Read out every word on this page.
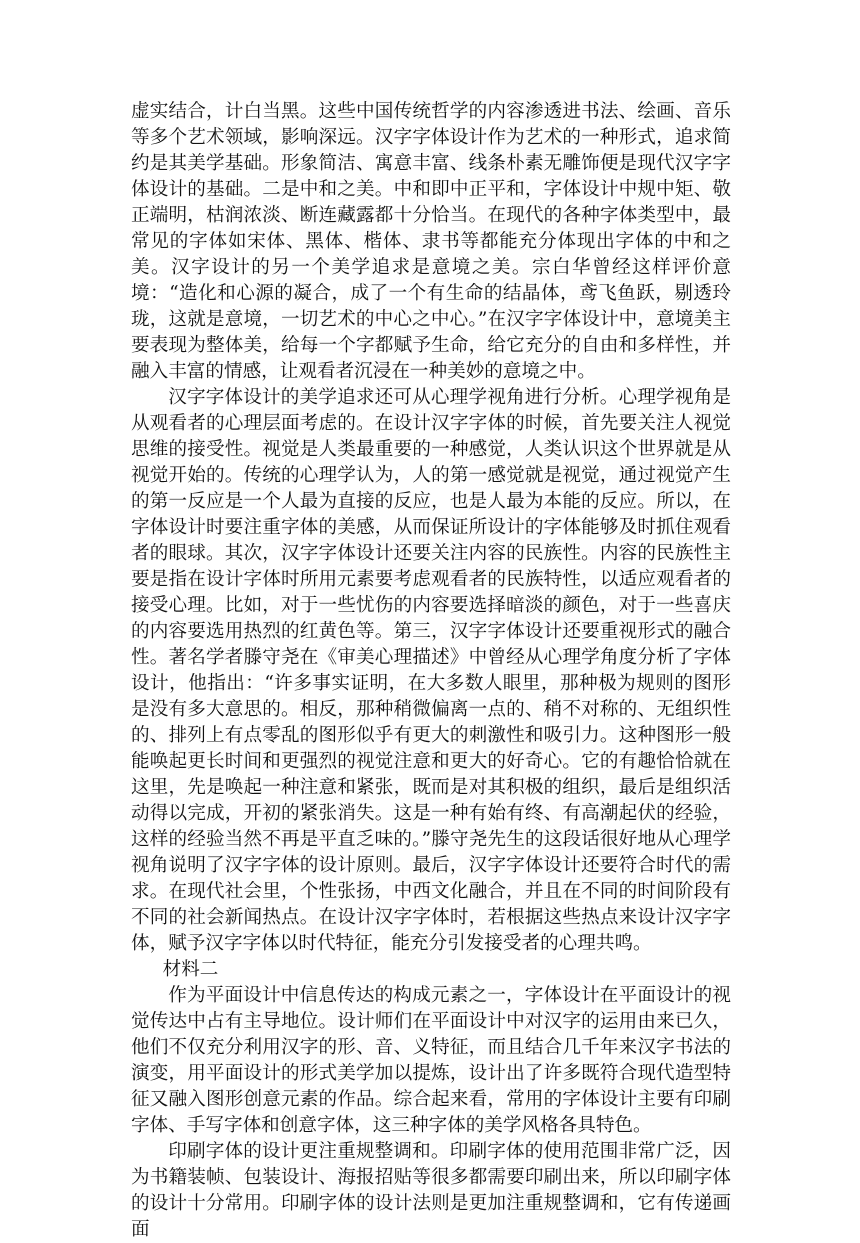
虚实结合，计白当黑。这些中国传统哲学的内容渗透进书法、绘画、音乐等多个艺术领域，影响深远。汉字字体设计作为艺术的一种形式，追求简约是其美学基础。形象简洁、寓意丰富、线条朴素无雕饰便是现代汉字字体设计的基础。二是中和之美。中和即中正平和，字体设计中规中矩、敬正端明，枯润浓淡、断连藏露都十分恰当。在现代的各种字体类型中，最常见的字体如宋体、黑体、楷体、隶书等都能充分体现出字体的中和之美。汉字设计的另一个美学追求是意境之美。宗白华曾经这样评价意境：“造化和心源的凝合，成了一个有生命的结晶体，鸢飞鱼跃，剔透玲珑，这就是意境，一切艺术的中心之中心。”在汉字字体设计中，意境美主要表现为整体美，给每一个字都赋予生命，给它充分的自由和多样性，并融入丰富的情感，让观看者沉浸在一种美妙的意境之中。

汉字字体设计的美学追求还可从心理学视角进行分析。心理学视角是从观看者的心理层面考虑的。在设计汉字字体的时候，首先要关注人视觉思维的接受性。视觉是人类最重要的一种感觉，人类认识这个世界就是从视觉开始的。传统的心理学认为，人的第一感觉就是视觉，通过视觉产生的第一反应是一个人最为直接的反应，也是人最为本能的反应。所以，在字体设计时要注重字体的美感，从而保证所设计的字体能够及时抓住观看者的眼球。其次，汉字字体设计还要关注内容的民族性。内容的民族性主要是指在设计字体时所用元素要考虑观看者的民族特性，以适应观看者的接受心理。比如，对于一些忧伤的内容要选择暗淡的颜色，对于一些喜庆的内容要选用热烈的红黄色等。第三，汉字字体设计还要重视形式的融合性。著名学者滕守尧在《审美心理描述》中曾经从心理学角度分析了字体设计，他指出：“许多事实证明，在大多数人眼里，那种极为规则的图形是没有多大意思的。相反，那种稍微偏离一点的、稍不对称的、无组织性的、排列上有点零乱的图形似乎有更大的刺激性和吸引力。这种图形一般能唤起更长时间和更强烈的视觉注意和更大的好奇心。它的有趣恰恰就在这里，先是唤起一种注意和紧张，既而是对其积极的组织，最后是组织活动得以完成，开初的紧张消失。这是一种有始有终、有高潮起伏的经验，这样的经验当然不再是平直乏味的。”滕守尧先生的这段话很好地从心理学视角说明了汉字字体的设计原则。最后，汉字字体设计还要符合时代的需求。在现代社会里，个性张扬，中西文化融合，并且在不同的时间阶段有不同的社会新闻热点。在设计汉字字体时，若根据这些热点来设计汉字字体，赋予汉字字体以时代特征，能充分引发接受者的心理共鸣。

材料二

作为平面设计中信息传达的构成元素之一，字体设计在平面设计的视觉传达中占有主导地位。设计师们在平面设计中对汉字的运用由来已久，他们不仅充分利用汉字的形、音、义特征，而且结合几千年来汉字书法的演变，用平面设计的形式美学加以提炼，设计出了许多既符合现代造型特征又融入图形创意元素的作品。综合起来看，常用的字体设计主要有印刷字体、手写字体和创意字体，这三种字体的美学风格各具特色。

印刷字体的设计更注重规整调和。印刷字体的使用范围非常广泛，因为书籍装帧、包装设计、海报招贴等很多都需要印刷出来，所以印刷字体的设计十分常用。印刷字体的设计法则是更加注重规整调和，它有传递画面
